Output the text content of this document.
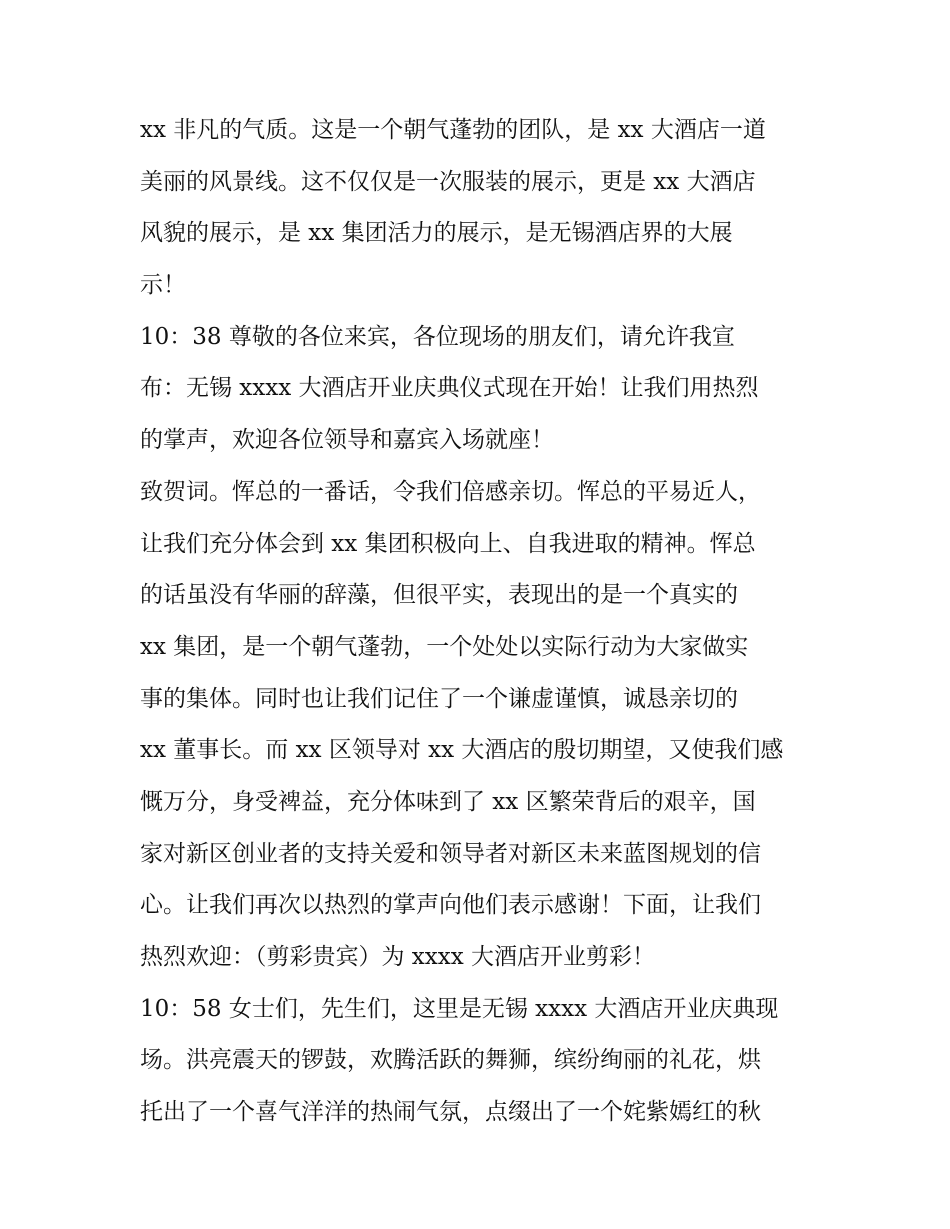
xx 非凡的气质。这是一个朝气蓬勃的团队，是 xx 大酒店一道
美丽的风景线。这不仅仅是一次服装的展示，更是 xx 大酒店
风貌的展示，是 xx 集团活力的展示，是无锡酒店界的大展
示！
10：38 尊敬的各位来宾，各位现场的朋友们，请允许我宣
布：无锡 xxxx 大酒店开业庆典仪式现在开始！让我们用热烈
的掌声，欢迎各位领导和嘉宾入场就座！
致贺词。恽总的一番话，令我们倍感亲切。恽总的平易近人，
让我们充分体会到 xx 集团积极向上、自我进取的精神。恽总
的话虽没有华丽的辞藻，但很平实，表现出的是一个真实的
xx 集团，是一个朝气蓬勃，一个处处以实际行动为大家做实
事的集体。同时也让我们记住了一个谦虚谨慎，诚恳亲切的
xx 董事长。而 xx 区领导对 xx 大酒店的殷切期望，又使我们感
慨万分，身受裨益，充分体味到了 xx 区繁荣背后的艰辛，国
家对新区创业者的支持关爱和领导者对新区未来蓝图规划的信
心。让我们再次以热烈的掌声向他们表示感谢！下面，让我们
热烈欢迎：（剪彩贵宾）为 xxxx 大酒店开业剪彩！
10：58 女士们，先生们，这里是无锡 xxxx 大酒店开业庆典现
场。洪亮震天的锣鼓，欢腾活跃的舞狮，缤纷绚丽的礼花，烘
托出了一个喜气洋洋的热闹气氛，点缀出了一个姹紫嫣红的秋
